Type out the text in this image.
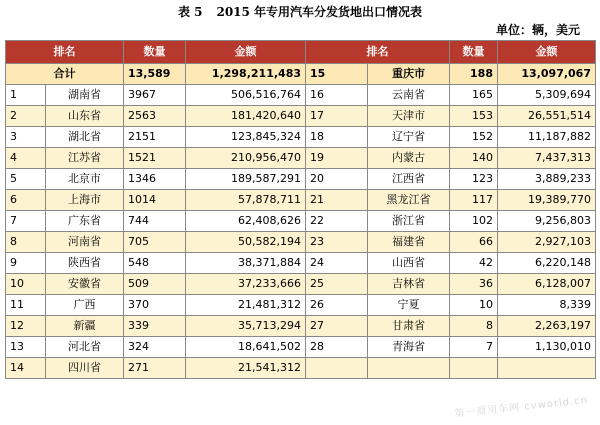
表 5 2015 年专用汽车分发货地出口情况表
单位：辆，美元
排名		数量	金额	排名		数量	金额
合计		13,589	1,298,211,483	15	重庆市	188	13,097,067
1	湖南省	3967	506,516,764	16	云南省	165	5,309,694
2	山东省	2563	181,420,640	17	天津市	153	26,551,514
3	湖北省	2151	123,845,324	18	辽宁省	152	11,187,882
4	江苏省	1521	210,956,470	19	内蒙古	140	7,437,313
5	北京市	1346	189,587,291	20	江西省	123	3,889,233
6	上海市	1014	57,878,711	21	黑龙江省	117	19,389,770
7	广东省	744	62,408,626	22	浙江省	102	9,256,803
8	河南省	705	50,582,194	23	福建省	66	2,927,103
9	陕西省	548	38,371,884	24	山西省	42	6,220,148
10	安徽省	509	37,233,666	25	吉林省	36	6,128,007
11	广西	370	21,481,312	26	宁夏	10	8,339
12	新疆	339	35,713,294	27	甘肃省	8	2,263,197
13	河北省	324	18,641,502	28	青海省	7	1,130,010
14	四川省	271	21,541,312				
第一商用车网 cvworld.cn
